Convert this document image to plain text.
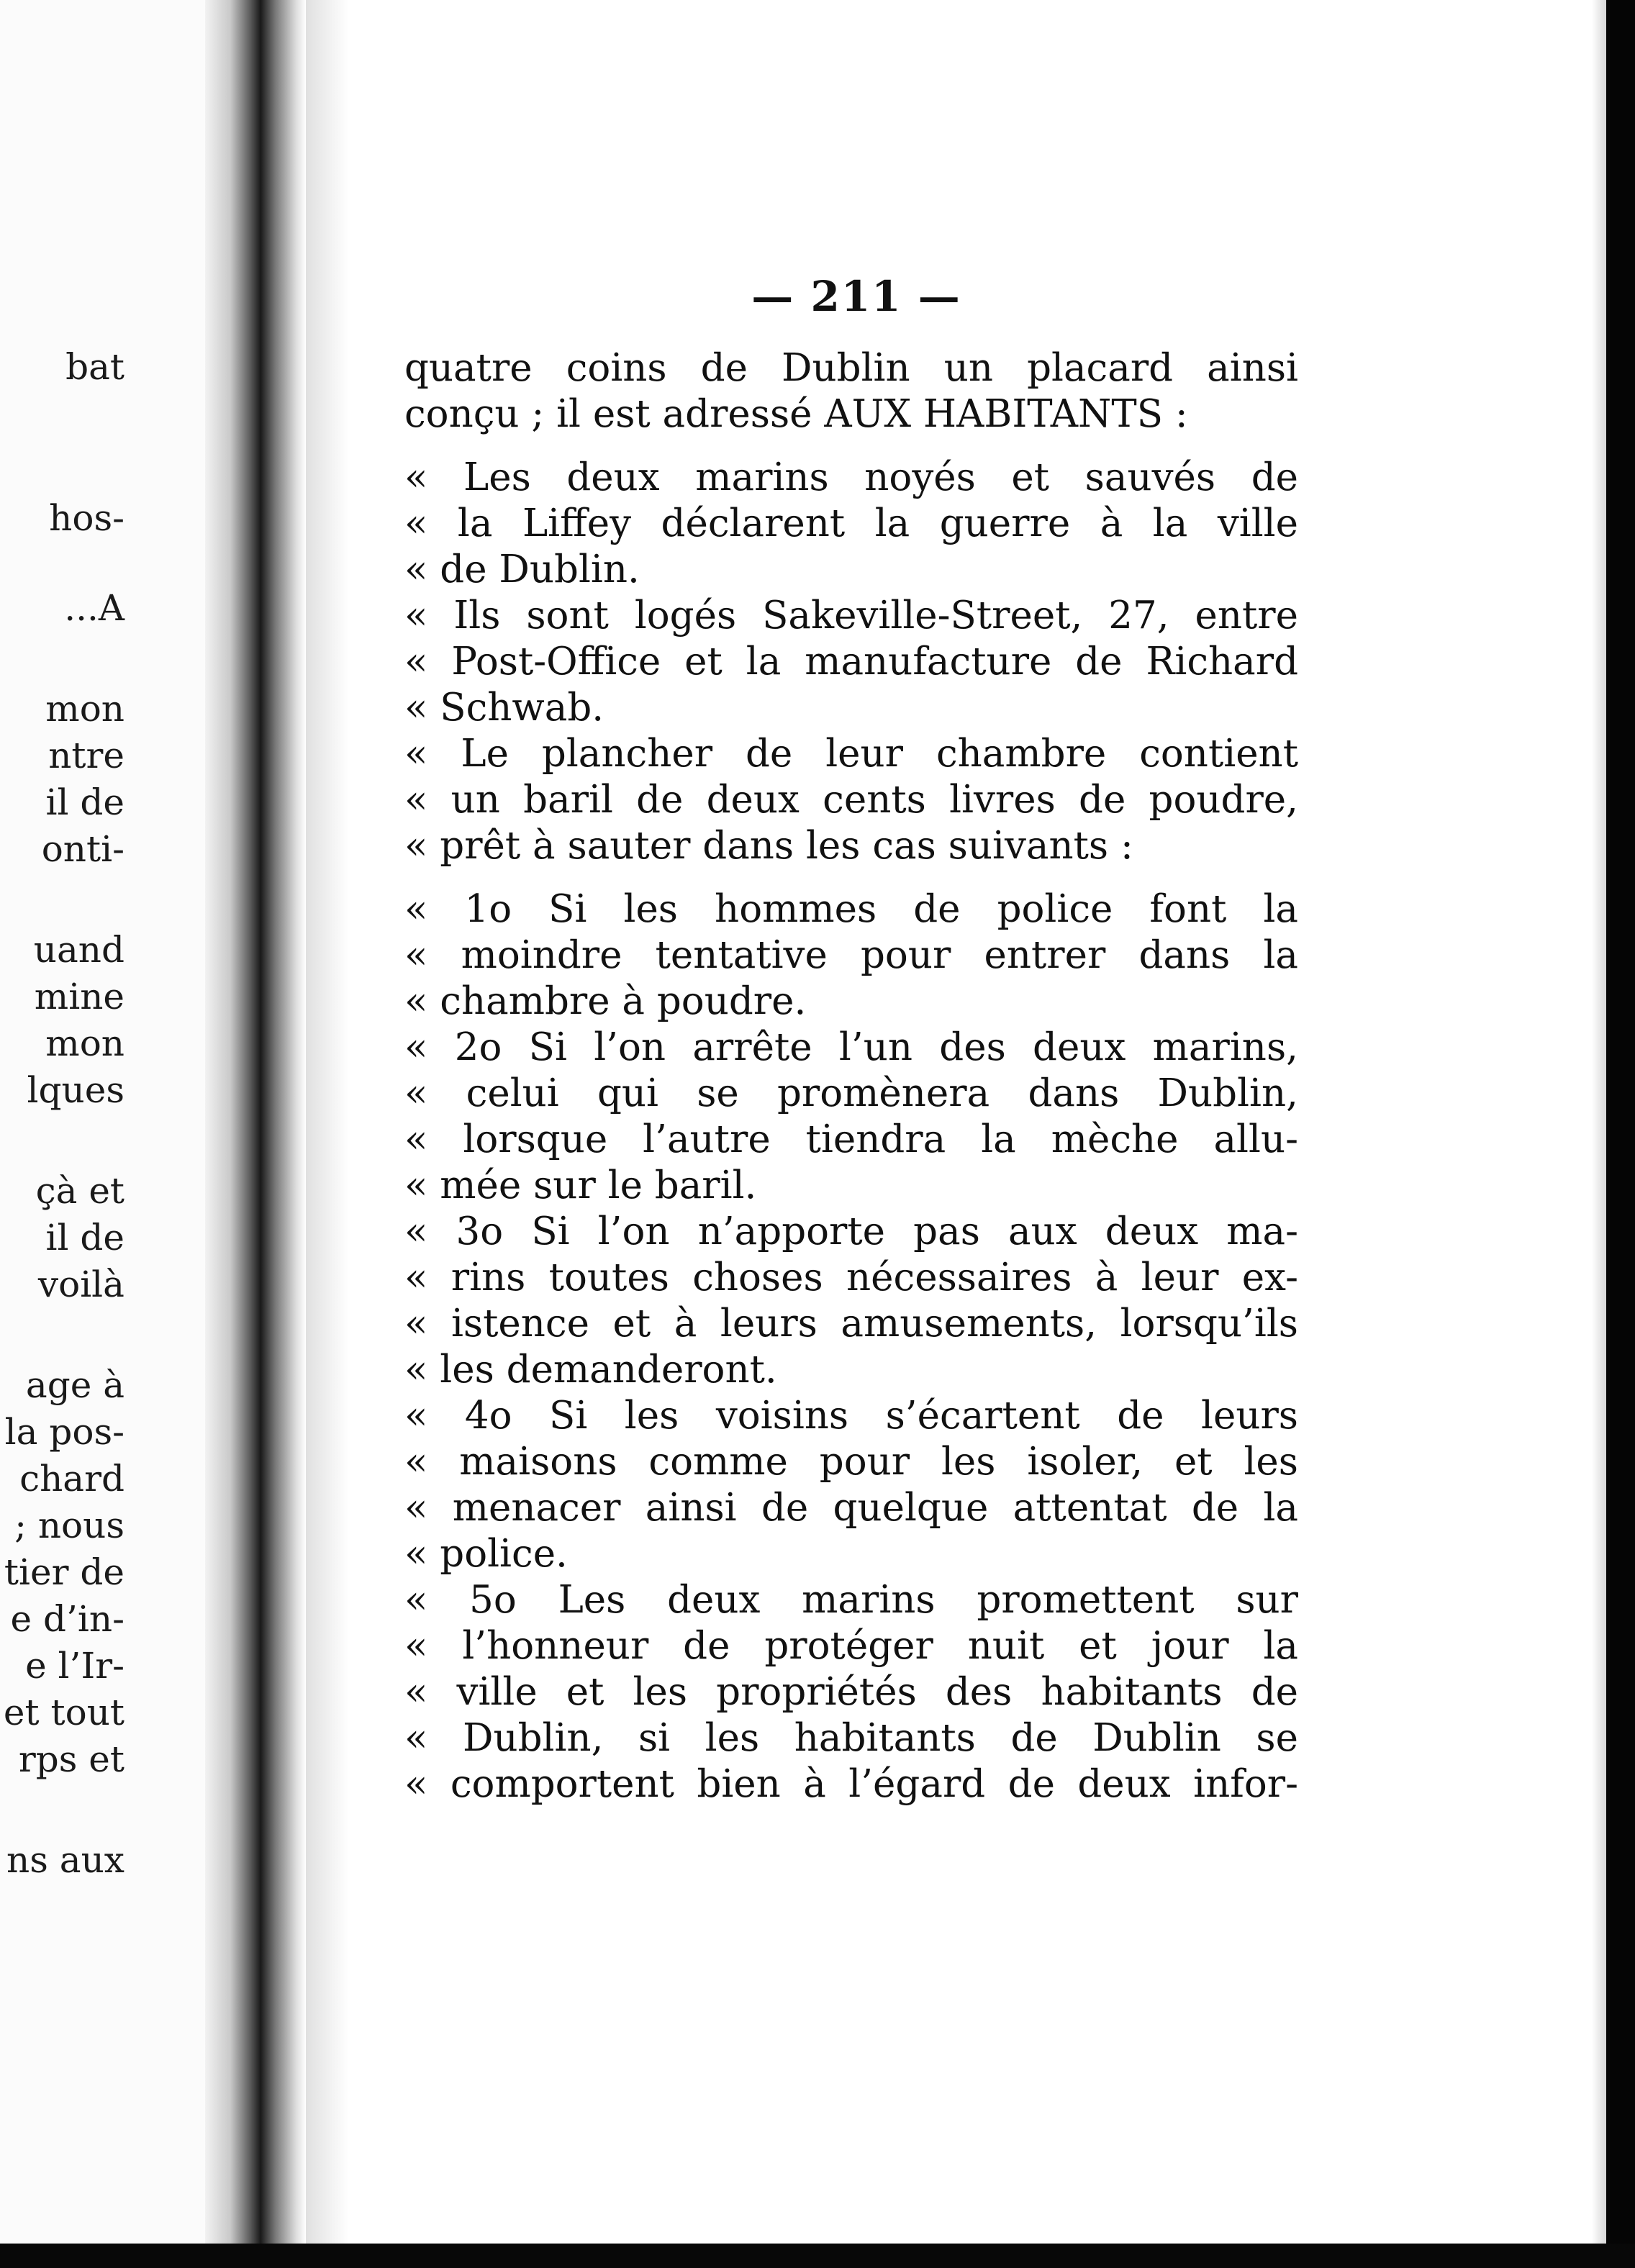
bat
hos-
...A
mon
ntre
il de
onti-
uand
mine
mon
lques
çà et
il de
voilà
age à
la pos-
chard
; nous
tier de
e d’in-
e l’Ir-
et tout
rps et
ns aux
— 211 —
quatre coins de Dublin un placard ainsi
conçu ; il est adressé AUX HABITANTS :
« Les deux marins noyés et sauvés de
« la Liffey déclarent la guerre à la ville
« de Dublin.
« Ils sont logés Sakeville-Street, 27, entre
« Post-Office et la manufacture de Richard
« Schwab.
« Le plancher de leur chambre contient
« un baril de deux cents livres de poudre,
« prêt à sauter dans les cas suivants :
« 1o Si les hommes de police font la
« moindre tentative pour entrer dans la
« chambre à poudre.
« 2o Si l’on arrête l’un des deux marins,
« celui qui se promènera dans Dublin,
« lorsque l’autre tiendra la mèche allu-
« mée sur le baril.
« 3o Si l’on n’apporte pas aux deux ma-
« rins toutes choses nécessaires à leur ex-
« istence et à leurs amusements, lorsqu’ils
« les demanderont.
« 4o Si les voisins s’écartent de leurs
« maisons comme pour les isoler, et les
« menacer ainsi de quelque attentat de la
« police.
« 5o Les deux marins promettent sur
« l’honneur de protéger nuit et jour la
« ville et les propriétés des habitants de
« Dublin, si les habitants de Dublin se
« comportent bien à l’égard de deux infor-
